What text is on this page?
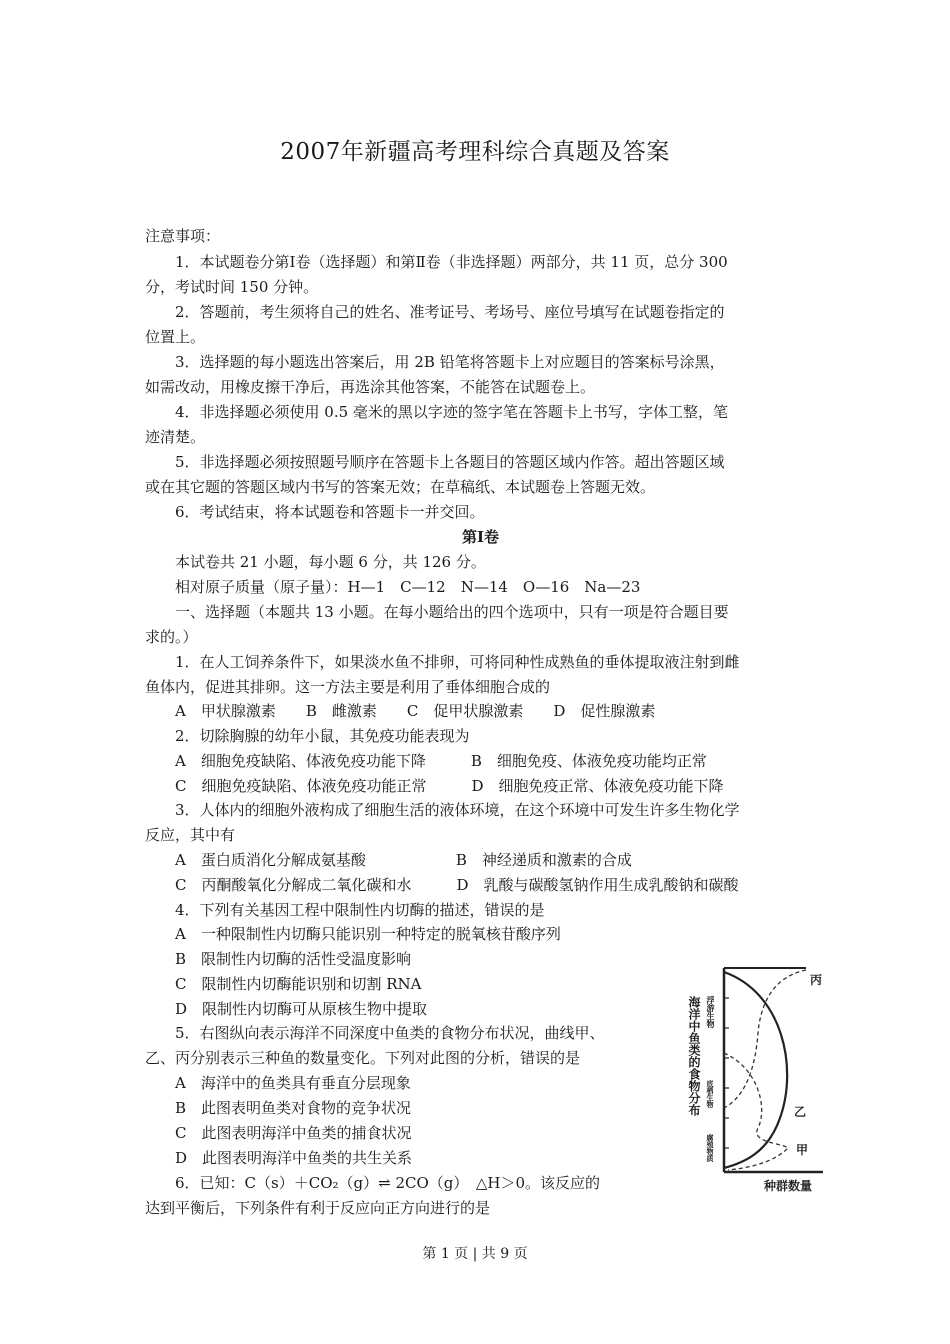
2007年新疆高考理科综合真题及答案
注意事项：
1．本试题卷分第Ⅰ卷（选择题）和第Ⅱ卷（非选择题）两部分，共 11 页，总分 300
分，考试时间 150 分钟。
2．答题前，考生须将自己的姓名、准考证号、考场号、座位号填写在试题卷指定的
位置上。
3．选择题的每小题选出答案后，用 2B 铅笔将答题卡上对应题目的答案标号涂黑，
如需改动，用橡皮擦干净后，再选涂其他答案，不能答在试题卷上。
4．非选择题必须使用 0.5 毫米的黑以字迹的签字笔在答题卡上书写，字体工整，笔
迹清楚。
5．非选择题必须按照题号顺序在答题卡上各题目的答题区域内作答。超出答题区域
或在其它题的答题区域内书写的答案无效；在草稿纸、本试题卷上答题无效。
6．考试结束，将本试题卷和答题卡一并交回。
本试卷共 21 小题，每小题 6 分，共 126 分。
相对原子质量（原子量）：H—1　C—12　N—14　O—16　Na—23
一、选择题（本题共 13 小题。在每小题给出的四个选项中，只有一项是符合题目要
求的。）
1．在人工饲养条件下，如果淡水鱼不排卵，可将同种性成熟鱼的垂体提取液注射到雌
鱼体内，促进其排卵。这一方法主要是利用了垂体细胞合成的
A　甲状腺激素　　B　雌激素　　C　促甲状腺激素　　D　促性腺激素
2．切除胸腺的幼年小鼠，其免疫功能表现为
A　细胞免疫缺陷、体液免疫功能下降　　　B　细胞免疫、体液免疫功能均正常
C　细胞免疫缺陷、体液免疫功能正常　　　D　细胞免疫正常、体液免疫功能下降
3．人体内的细胞外液构成了细胞生活的液体环境，在这个环境中可发生许多生物化学
反应，其中有
A　蛋白质消化分解成氨基酸　　　　　　B　神经递质和激素的合成
C　丙酮酸氧化分解成二氧化碳和水　　　D　乳酸与碳酸氢钠作用生成乳酸钠和碳酸
4．下列有关基因工程中限制性内切酶的描述，错误的是
A　一种限制性内切酶只能识别一种特定的脱氧核苷酸序列
B　限制性内切酶的活性受温度影响
C　限制性内切酶能识别和切割 RNA
D　限制性内切酶可从原核生物中提取
5．右图纵向表示海洋不同深度中鱼类的食物分布状况，曲线甲、
乙、丙分别表示三种鱼的数量变化。下列对此图的分析，错误的是
A　海洋中的鱼类具有垂直分层现象
B　此图表明鱼类对食物的竞争状况
C　此图表明海洋中鱼类的捕食状况
D　此图表明海洋中鱼类的共生关系
6．已知：C（s）＋CO₂（g）⇌ 2CO（g）　△H＞0。该反应的
达到平衡后，下列条件有利于反应向正方向进行的是
第Ⅰ卷
丙
乙
甲
种群数量
海洋中鱼类的食物分布 浮游生物
底栖生物
腐殖物质
第 1 页 | 共 9 页
